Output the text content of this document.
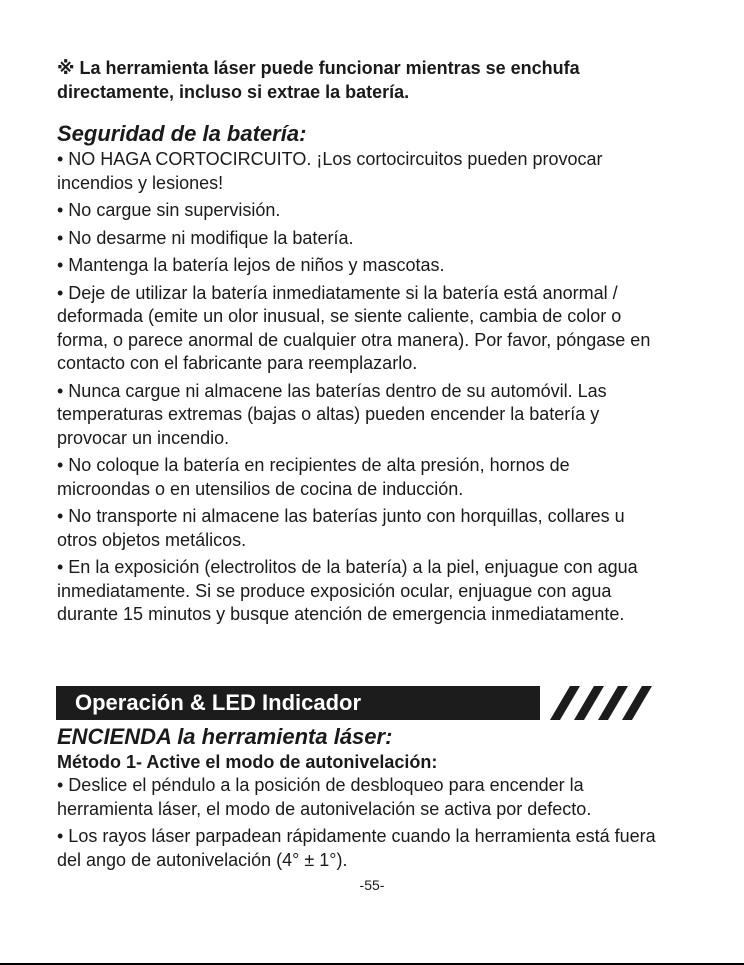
※ La herramienta láser puede funcionar mientras se enchufa directamente, incluso si extrae la batería.
Seguridad de la batería:
• NO HAGA CORTOCIRCUITO. ¡Los cortocircuitos pueden provocar incendios y lesiones!
• No cargue sin supervisión.
• No desarme ni modifique la batería.
• Mantenga la batería lejos de niños y mascotas.
• Deje de utilizar la batería inmediatamente si la batería está anormal / deformada (emite un olor inusual, se siente caliente, cambia de color o forma, o parece anormal de cualquier otra manera). Por favor, póngase en contacto con el fabricante para reemplazarlo.
• Nunca cargue ni almacene las baterías dentro de su automóvil. Las temperaturas extremas (bajas o altas) pueden encender la batería y provocar un incendio.
• No coloque la batería en recipientes de alta presión, hornos de microondas o en utensilios de cocina de inducción.
• No transporte ni almacene las baterías junto con horquillas, collares u otros objetos metálicos.
• En la exposición (electrolitos de la batería) a la piel, enjuague con agua inmediatamente. Si se produce exposición ocular, enjuague con agua durante 15 minutos y busque atención de emergencia inmediatamente.
Operación & LED Indicador
ENCIENDA la herramienta láser:
Método 1- Active el modo de autonivelación:
• Deslice el péndulo a la posición de desbloqueo para encender la herramienta láser, el modo de autonivelación se activa por defecto.
• Los rayos láser parpadean rápidamente cuando la herramienta está fuera del ango de autonivelación (4° ± 1°).
-55-
